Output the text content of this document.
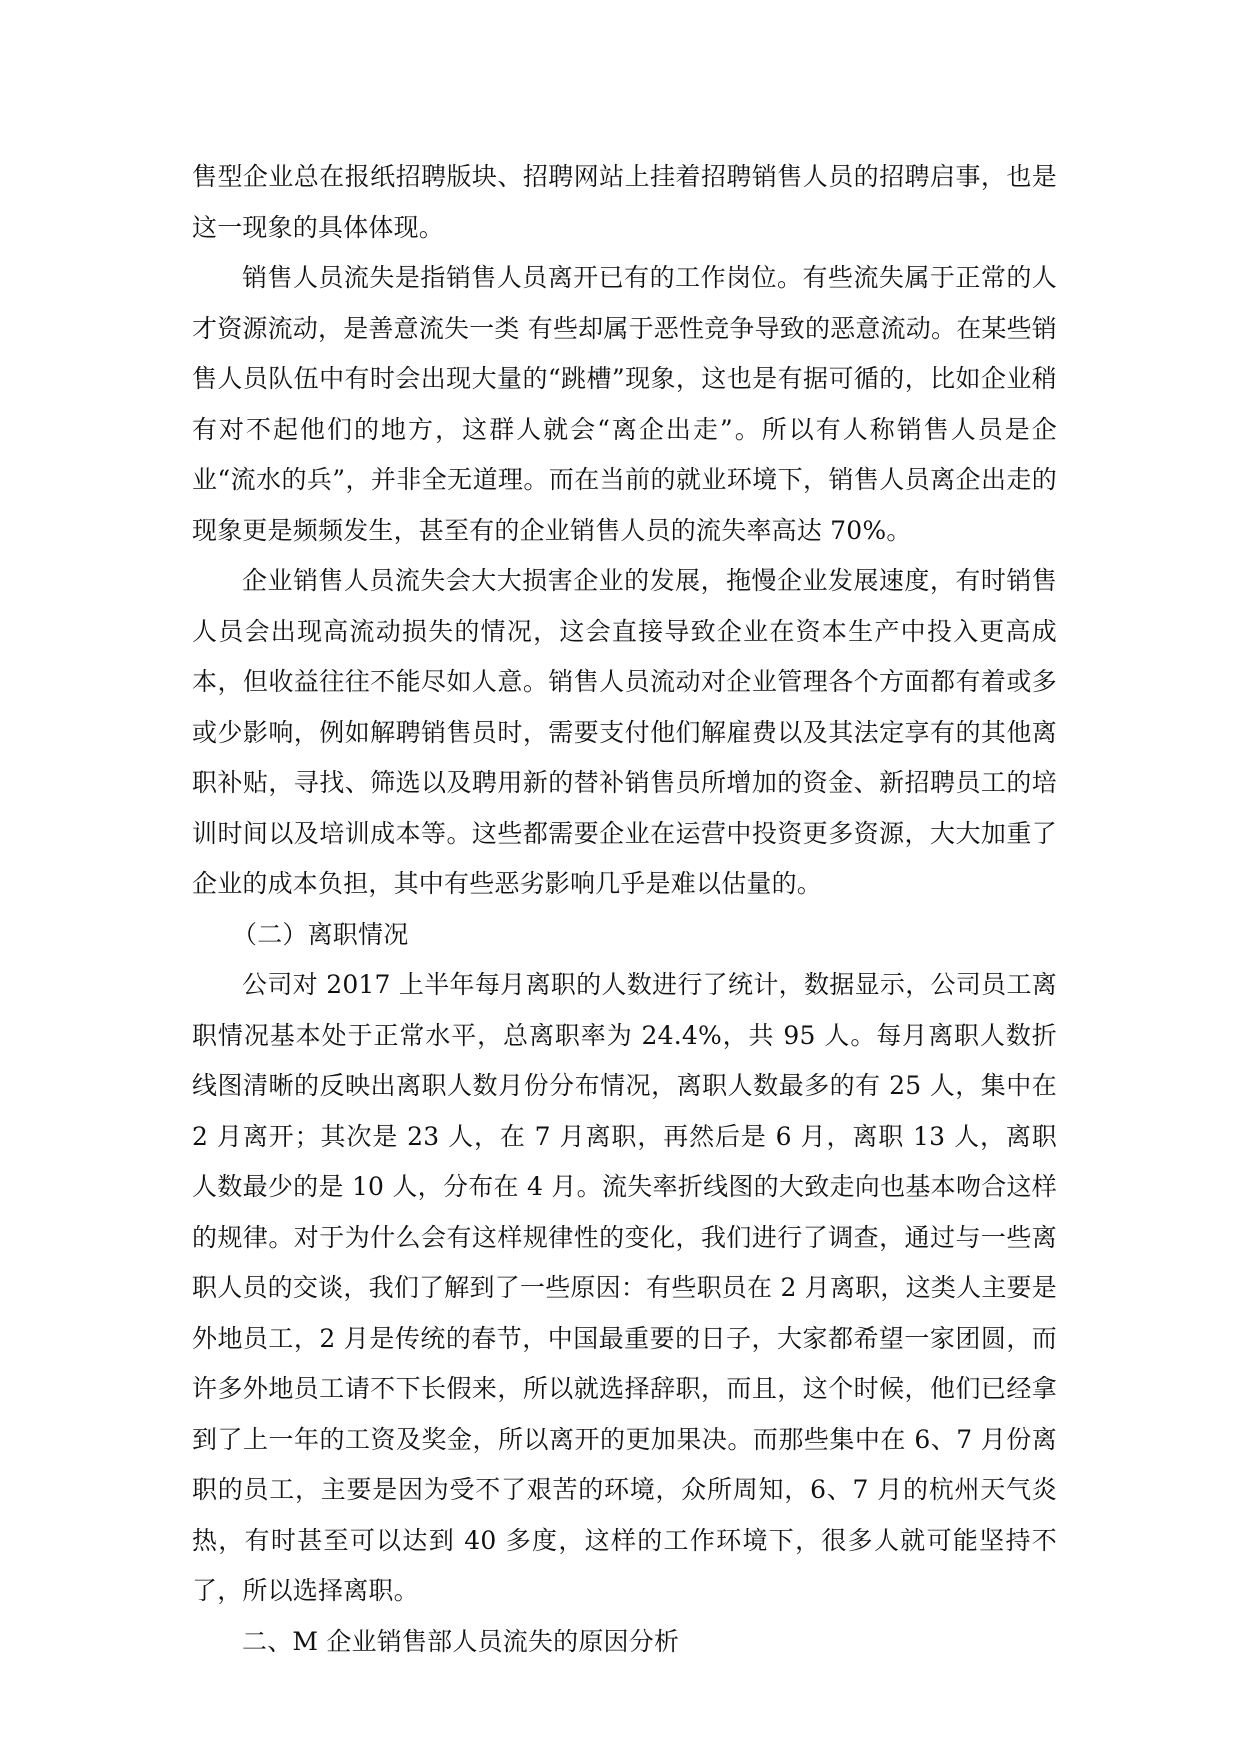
售型企业总在报纸招聘版块、招聘网站上挂着招聘销售人员的招聘启事，也是这一现象的具体体现。

销售人员流失是指销售人员离开已有的工作岗位。有些流失属于正常的人才资源流动，是善意流失一类 有些却属于恶性竞争导致的恶意流动。在某些销售人员队伍中有时会出现大量的“跳槽”现象，这也是有据可循的，比如企业稍有对不起他们的地方，这群人就会“离企出走”。所以有人称销售人员是企业“流水的兵”，并非全无道理。而在当前的就业环境下，销售人员离企出走的现象更是频频发生，甚至有的企业销售人员的流失率高达 70%。

企业销售人员流失会大大损害企业的发展，拖慢企业发展速度，有时销售人员会出现高流动损失的情况，这会直接导致企业在资本生产中投入更高成本，但收益往往不能尽如人意。销售人员流动对企业管理各个方面都有着或多或少影响，例如解聘销售员时，需要支付他们解雇费以及其法定享有的其他离职补贴，寻找、筛选以及聘用新的替补销售员所增加的资金、新招聘员工的培训时间以及培训成本等。这些都需要企业在运营中投资更多资源，大大加重了企业的成本负担，其中有些恶劣影响几乎是难以估量的。

（二）离职情况

公司对 2017 上半年每月离职的人数进行了统计，数据显示，公司员工离职情况基本处于正常水平，总离职率为 24.4%，共 95 人。每月离职人数折线图清晰的反映出离职人数月份分布情况，离职人数最多的有 25 人，集中在 2 月离开；其次是 23 人，在 7 月离职，再然后是 6 月，离职 13 人，离职人数最少的是 10 人，分布在 4 月。流失率折线图的大致走向也基本吻合这样的规律。对于为什么会有这样规律性的变化，我们进行了调查，通过与一些离职人员的交谈，我们了解到了一些原因：有些职员在 2 月离职，这类人主要是外地员工，2 月是传统的春节，中国最重要的日子，大家都希望一家团圆，而许多外地员工请不下长假来，所以就选择辞职，而且，这个时候，他们已经拿到了上一年的工资及奖金，所以离开的更加果决。而那些集中在 6、7 月份离职的员工，主要是因为受不了艰苦的环境，众所周知，6、7 月的杭州天气炎热，有时甚至可以达到 40 多度，这样的工作环境下，很多人就可能坚持不了，所以选择离职。

二、M 企业销售部人员流失的原因分析
